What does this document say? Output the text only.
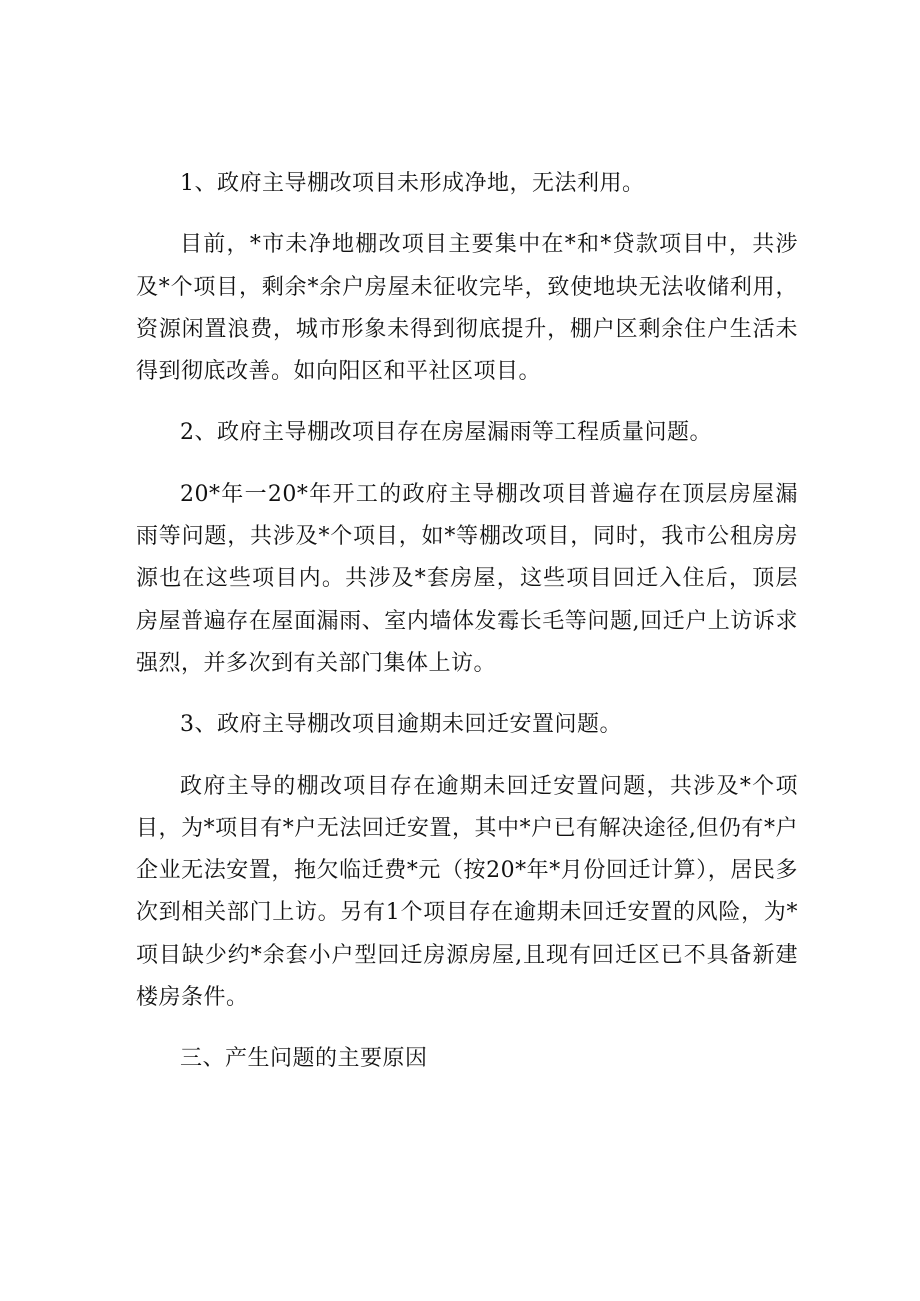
1、政府主导棚改项目未形成净地，无法利用。

目前，*市未净地棚改项目主要集中在*和*贷款项目中，共涉及*个项目，剩余*余户房屋未征收完毕，致使地块无法收储利用，资源闲置浪费，城市形象未得到彻底提升，棚户区剩余住户生活未得到彻底改善。如向阳区和平社区项目。

2、政府主导棚改项目存在房屋漏雨等工程质量问题。

20*年一20*年开工的政府主导棚改项目普遍存在顶层房屋漏雨等问题，共涉及*个项目，如*等棚改项目，同时，我市公租房房源也在这些项目内。共涉及*套房屋，这些项目回迁入住后，顶层房屋普遍存在屋面漏雨、室内墙体发霉长毛等问题,回迁户上访诉求强烈，并多次到有关部门集体上访。

3、政府主导棚改项目逾期未回迁安置问题。

政府主导的棚改项目存在逾期未回迁安置问题，共涉及*个项目，为*项目有*户无法回迁安置，其中*户已有解决途径,但仍有*户企业无法安置，拖欠临迁费*元（按20*年*月份回迁计算），居民多次到相关部门上访。另有1个项目存在逾期未回迁安置的风险，为*项目缺少约*余套小户型回迁房源房屋,且现有回迁区已不具备新建楼房条件。

三、产生问题的主要原因
